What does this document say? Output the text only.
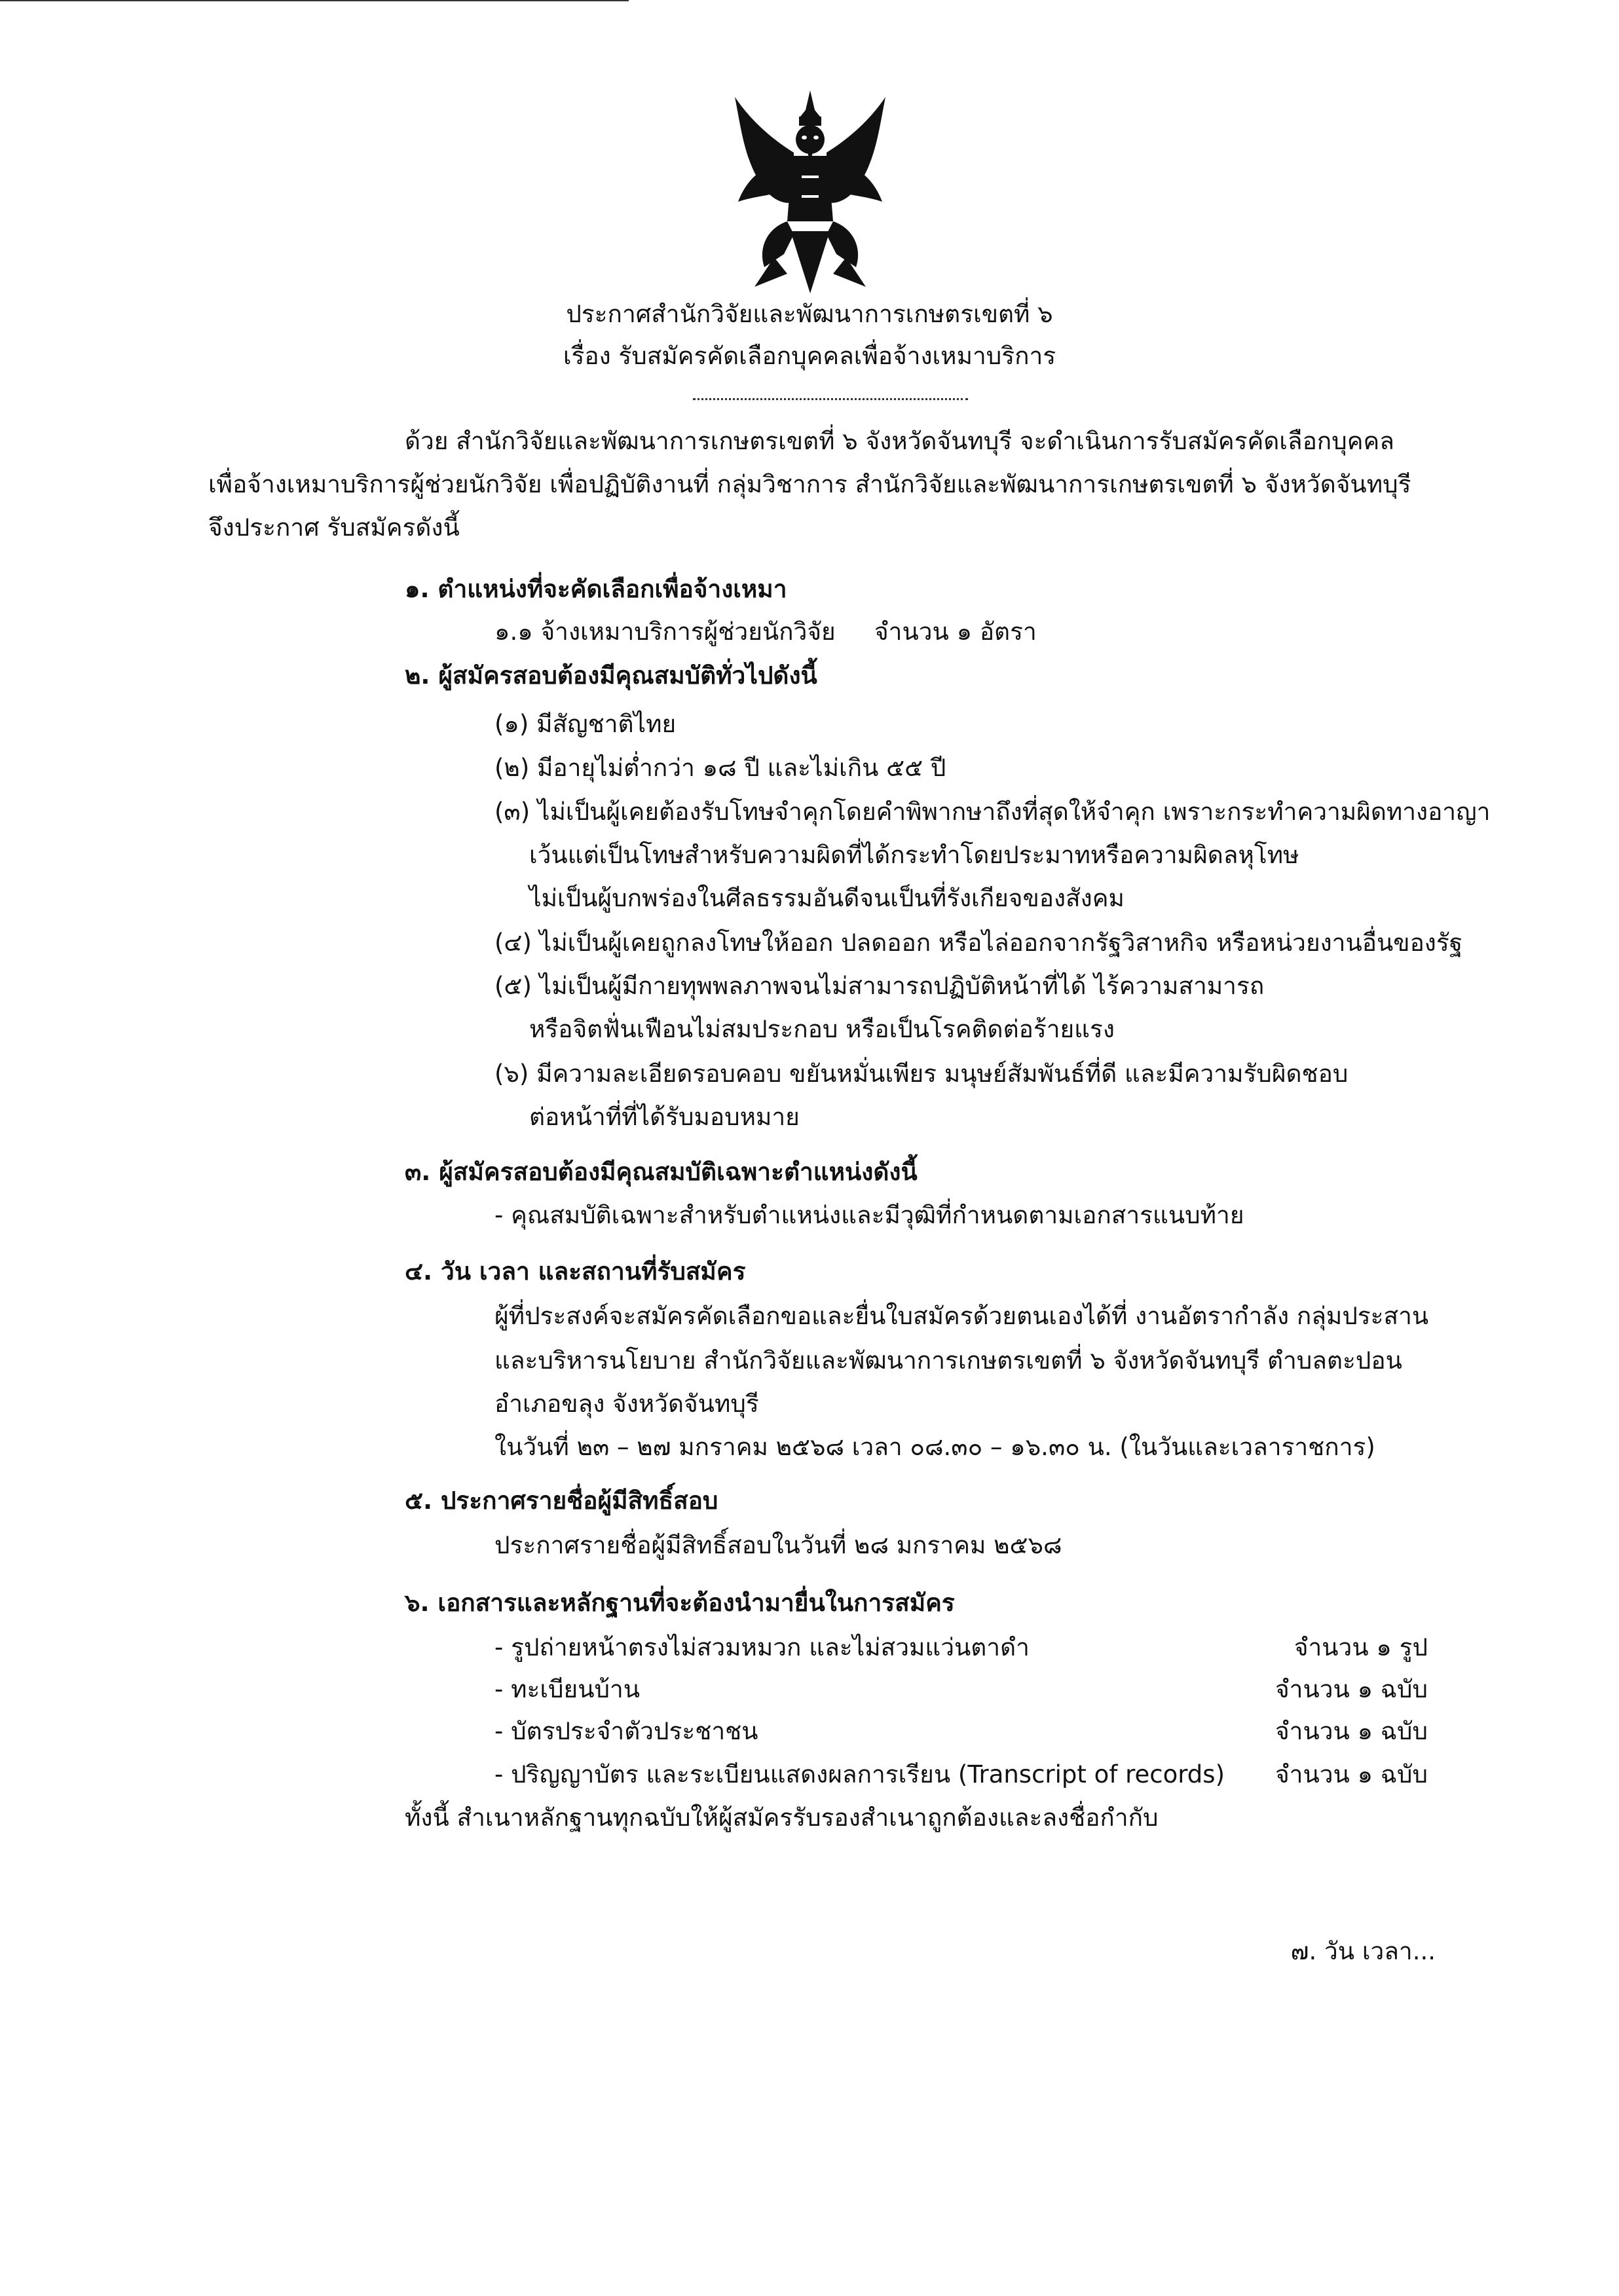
ประกาศสำนักวิจัยและพัฒนาการเกษตรเขตที่ ๖
เรื่อง รับสมัครคัดเลือกบุคคลเพื่อจ้างเหมาบริการ
ด้วย สำนักวิจัยและพัฒนาการเกษตรเขตที่ ๖ จังหวัดจันทบุรี จะดำเนินการรับสมัครคัดเลือกบุคคล
เพื่อจ้างเหมาบริการผู้ช่วยนักวิจัย เพื่อปฏิบัติงานที่ กลุ่มวิชาการ สำนักวิจัยและพัฒนาการเกษตรเขตที่ ๖ จังหวัดจันทบุรี
จึงประกาศ รับสมัครดังนี้
๑. ตำแหน่งที่จะคัดเลือกเพื่อจ้างเหมา
๑.๑ จ้างเหมาบริการผู้ช่วยนักวิจัย จำนวน ๑ อัตรา
๒. ผู้สมัครสอบต้องมีคุณสมบัติทั่วไปดังนี้
(๑) มีสัญชาติไทย
(๒) มีอายุไม่ต่ำกว่า ๑๘ ปี และไม่เกิน ๕๕ ปี
(๓) ไม่เป็นผู้เคยต้องรับโทษจำคุกโดยคำพิพากษาถึงที่สุดให้จำคุก เพราะกระทำความผิดทางอาญา
เว้นแต่เป็นโทษสำหรับความผิดที่ได้กระทำโดยประมาทหรือความผิดลหุโทษ
ไม่เป็นผู้บกพร่องในศีลธรรมอันดีจนเป็นที่รังเกียจของสังคม
(๔) ไม่เป็นผู้เคยถูกลงโทษให้ออก ปลดออก หรือไล่ออกจากรัฐวิสาหกิจ หรือหน่วยงานอื่นของรัฐ
(๕) ไม่เป็นผู้มีกายทุพพลภาพจนไม่สามารถปฏิบัติหน้าที่ได้ ไร้ความสามารถ
หรือจิตฟั่นเฟือนไม่สมประกอบ หรือเป็นโรคติดต่อร้ายแรง
(๖) มีความละเอียดรอบคอบ ขยันหมั่นเพียร มนุษย์สัมพันธ์ที่ดี และมีความรับผิดชอบ
ต่อหน้าที่ที่ได้รับมอบหมาย
๓. ผู้สมัครสอบต้องมีคุณสมบัติเฉพาะตำแหน่งดังนี้
- คุณสมบัติเฉพาะสำหรับตำแหน่งและมีวุฒิที่กำหนดตามเอกสารแนบท้าย
๔. วัน เวลา และสถานที่รับสมัคร
ผู้ที่ประสงค์จะสมัครคัดเลือกขอและยื่นใบสมัครด้วยตนเองได้ที่ งานอัตรากำลัง กลุ่มประสาน
และบริหารนโยบาย สำนักวิจัยและพัฒนาการเกษตรเขตที่ ๖ จังหวัดจันทบุรี ตำบลตะปอน
อำเภอขลุง จังหวัดจันทบุรี
ในวันที่ ๒๓ – ๒๗ มกราคม ๒๕๖๘ เวลา ๐๘.๓๐ – ๑๖.๓๐ น. (ในวันและเวลาราชการ)
๕. ประกาศรายชื่อผู้มีสิทธิ์สอบ
ประกาศรายชื่อผู้มีสิทธิ์สอบในวันที่ ๒๘ มกราคม ๒๕๖๘
๖. เอกสารและหลักฐานที่จะต้องนำมายื่นในการสมัคร
- รูปถ่ายหน้าตรงไม่สวมหมวก และไม่สวมแว่นตาดำ	จำนวน ๑ รูป
- ทะเบียนบ้าน	จำนวน ๑ ฉบับ
- บัตรประจำตัวประชาชน	จำนวน ๑ ฉบับ
- ปริญญาบัตร และระเบียนแสดงผลการเรียน (Transcript of records) จำนวน ๑ ฉบับ
ทั้งนี้ สำเนาหลักฐานทุกฉบับให้ผู้สมัครรับรองสำเนาถูกต้องและลงชื่อกำกับ
๗. วัน เวลา...
